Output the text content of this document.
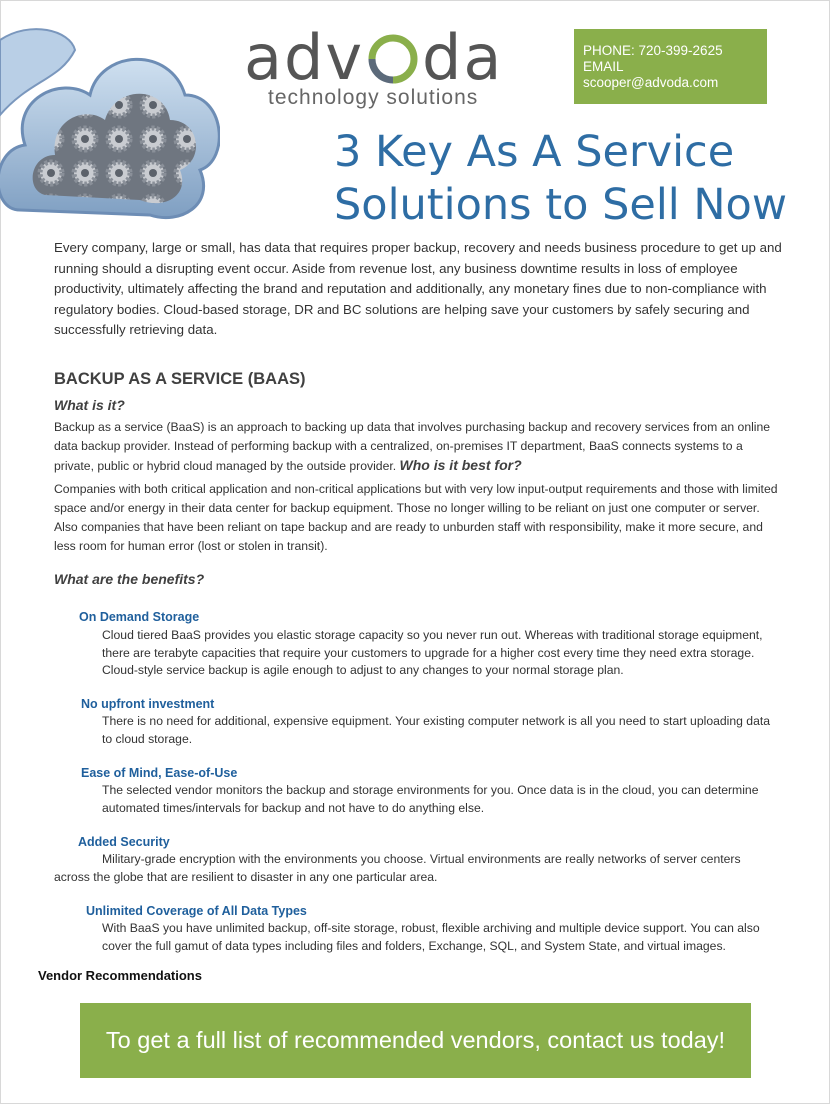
adv da
technology solutions
PHONE: 720-399-2625
EMAIL
scooper@advoda.com
3 Key As A Service
Solutions to Sell Now
Every company, large or small, has data that requires proper backup, recovery and needs business procedure to get up and running should a disrupting event occur. Aside from revenue lost, any business downtime results in loss of employee productivity, ultimately affecting the brand and reputation and additionally, any monetary fines due to non-compliance with regulatory bodies. Cloud-based storage, DR and BC solutions are helping save your customers by safely securing and successfully retrieving data.
BACKUP AS A SERVICE (BAAS)
What is it?
Backup as a service (BaaS) is an approach to backing up data that involves purchasing backup and recovery services from an online data backup provider. Instead of performing backup with a centralized, on-premises IT department, BaaS connects systems to a private, public or hybrid cloud managed by the outside provider. Who is it best for?
Companies with both critical application and non-critical applications but with very low input-output requirements and those with limited space and/or energy in their data center for backup equipment. Those no longer willing to be reliant on just one computer or server. Also companies that have been reliant on tape backup and are ready to unburden staff with responsibility, make it more secure, and less room for human error (lost or stolen in transit).
What are the benefits?
On Demand Storage
Cloud tiered BaaS provides you elastic storage capacity so you never run out. Whereas with traditional storage equipment, there are terabyte capacities that require your customers to upgrade for a higher cost every time they need extra storage. Cloud-style service backup is agile enough to adjust to any changes to your normal storage plan.
No upfront investment
There is no need for additional, expensive equipment. Your existing computer network is all you need to start uploading data to cloud storage.
Ease of Mind, Ease-of-Use
The selected vendor monitors the backup and storage environments for you. Once data is in the cloud, you can determine automated times/intervals for backup and not have to do anything else.
Added Security
Military-grade encryption with the environments you choose. Virtual environments are really networks of server centers across the globe that are resilient to disaster in any one particular area.
Unlimited Coverage of All Data Types
With BaaS you have unlimited backup, off-site storage, robust, flexible archiving and multiple device support. You can also cover the full gamut of data types including files and folders, Exchange, SQL, and System State, and virtual images.
Vendor Recommendations
To get a full list of recommended vendors, contact us today!
